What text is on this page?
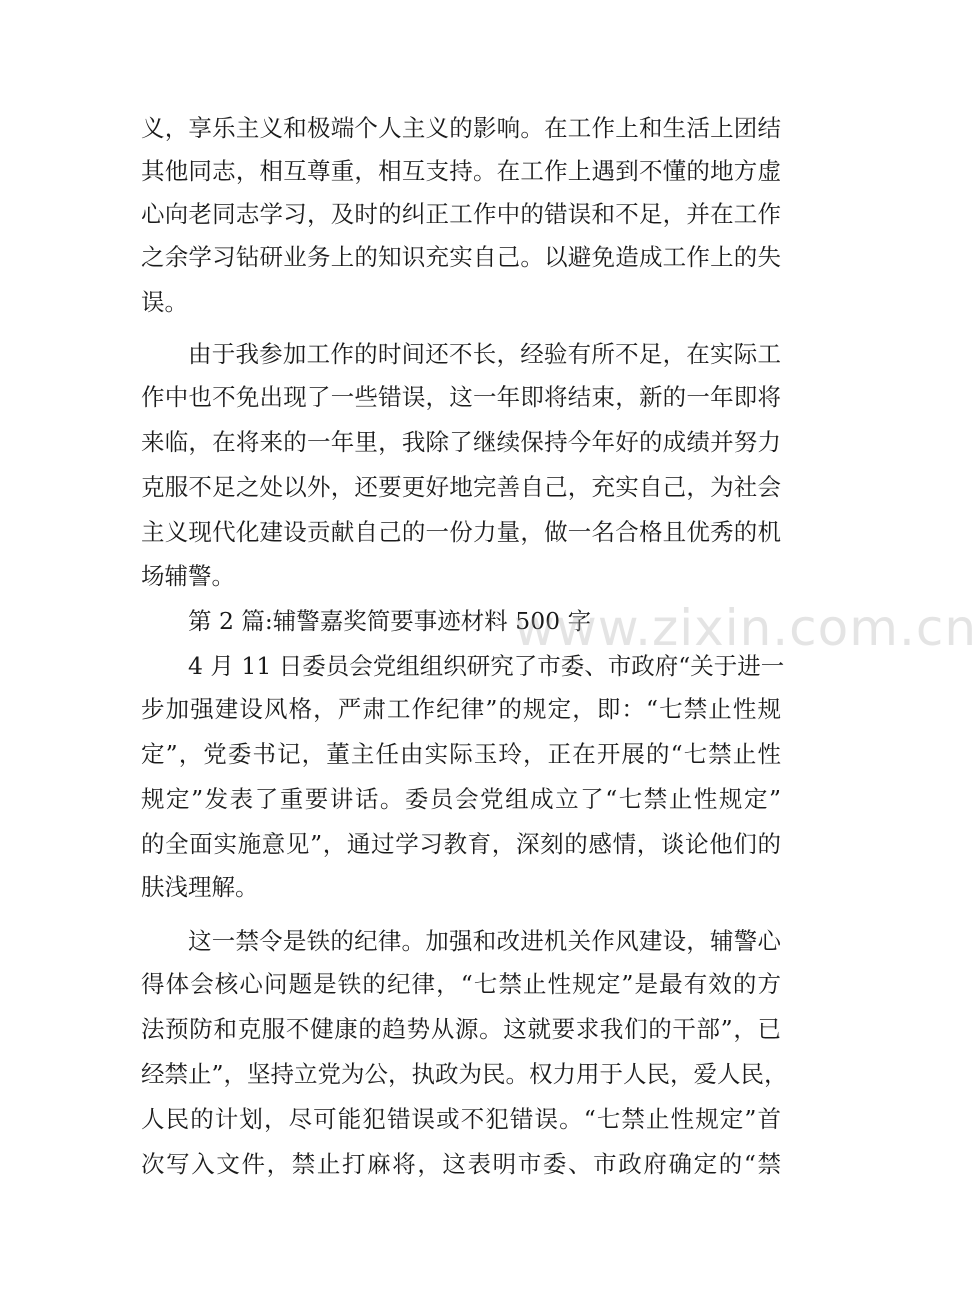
义，享乐主义和极端个人主义的影响。在工作上和生活上团结
其他同志，相互尊重，相互支持。在工作上遇到不懂的地方虚
心向老同志学习，及时的纠正工作中的错误和不足，并在工作
之余学习钻研业务上的知识充实自己。以避免造成工作上的失
误。
由于我参加工作的时间还不长，经验有所不足，在实际工
作中也不免出现了一些错误，这一年即将结束，新的一年即将
来临，在将来的一年里，我除了继续保持今年好的成绩并努力
克服不足之处以外，还要更好地完善自己，充实自己，为社会
主义现代化建设贡献自己的一份力量，做一名合格且优秀的机
场辅警。
第 2 篇:辅警嘉奖简要事迹材料 500 字
4 月 11 日委员会党组组织研究了市委、市政府“关于进一
步加强建设风格，严肃工作纪律”的规定，即：“七禁止性规
定”，党委书记，董主任由实际玉玲，正在开展的“七禁止性
规定”发表了重要讲话。委员会党组成立了“七禁止性规定”
的全面实施意见”，通过学习教育，深刻的感情，谈论他们的
肤浅理解。
这一禁令是铁的纪律。加强和改进机关作风建设，辅警心
得体会核心问题是铁的纪律，“七禁止性规定”是最有效的方
法预防和克服不健康的趋势从源。这就要求我们的干部”，已
经禁止”，坚持立党为公，执政为民。权力用于人民，爱人民，
人民的计划，尽可能犯错误或不犯错误。“七禁止性规定”首
次写入文件，禁止打麻将，这表明市委、市政府确定的“禁
www.zixin.com.cn
